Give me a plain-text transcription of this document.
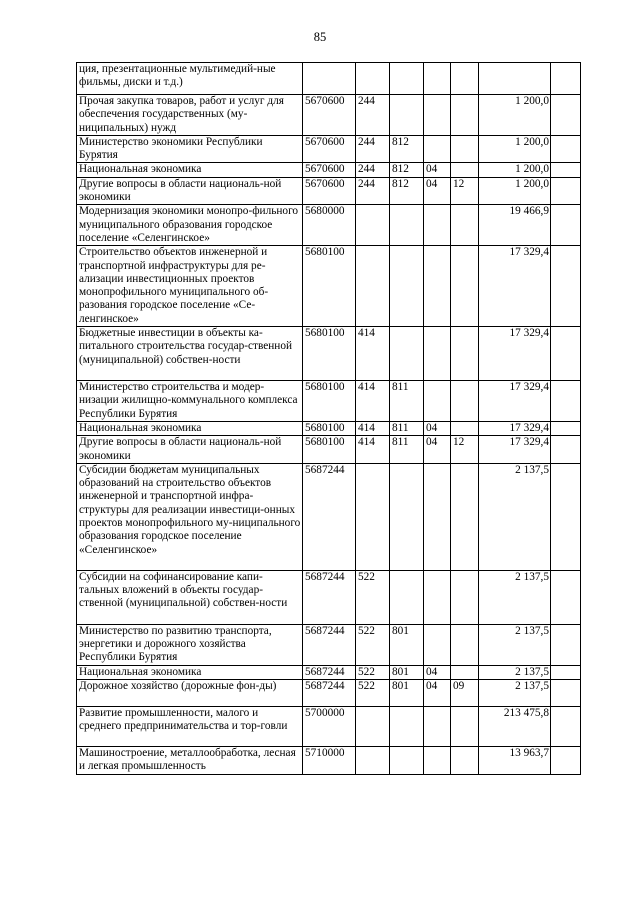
85
ция, презентационные мультимедий-ные фильмы, диски и т.д.)							
Прочая закупка товаров, работ и услуг для обеспечения государственных (му-ниципальных) нужд	5670600	244				1 200,0	
Министерство экономики Республики Бурятия	5670600	244	812			1 200,0	
Национальная экономика	5670600	244	812	04		1 200,0	
Другие вопросы в области националь-ной экономики	5670600	244	812	04	12	1 200,0	
Модернизация экономики монопро-фильного муниципального образования городское поселение «Селенгинское»	5680000					19 466,9	
Строительство объектов инженерной и транспортной инфраструктуры для ре-ализации инвестиционных проектов монопрофильного муниципального об-разования городское поселение «Се-ленгинское»	5680100					17 329,4	
Бюджетные инвестиции в объекты ка-питального строительства государ-ственной (муниципальной) собствен-ности	5680100	414				17 329,4	
Министерство строительства и модер-низации жилищно-коммунального комплекса Республики Бурятия	5680100	414	811			17 329,4	
Национальная экономика	5680100	414	811	04		17 329,4	
Другие вопросы в области националь-ной экономики	5680100	414	811	04	12	17 329,4	
Субсидии бюджетам муниципальных образований на строительство объектов инженерной и транспортной инфра-структуры для реализации инвестици-онных проектов монопрофильного му-ниципального образования городское поселение «Селенгинское»	5687244					2 137,5	
Субсидии на софинансирование капи-тальных вложений в объекты государ-ственной (муниципальной) собствен-ности	5687244	522				2 137,5	
Министерство по развитию транспорта, энергетики и дорожного хозяйства Республики Бурятия	5687244	522	801			2 137,5	
Национальная экономика	5687244	522	801	04		2 137,5	
Дорожное хозяйство (дорожные фон-ды)	5687244	522	801	04	09	2 137,5	
Развитие промышленности, малого и среднего предпринимательства и тор-говли	5700000					213 475,8	
Машиностроение, металлообработка, лесная и легкая промышленность	5710000					13 963,7	
